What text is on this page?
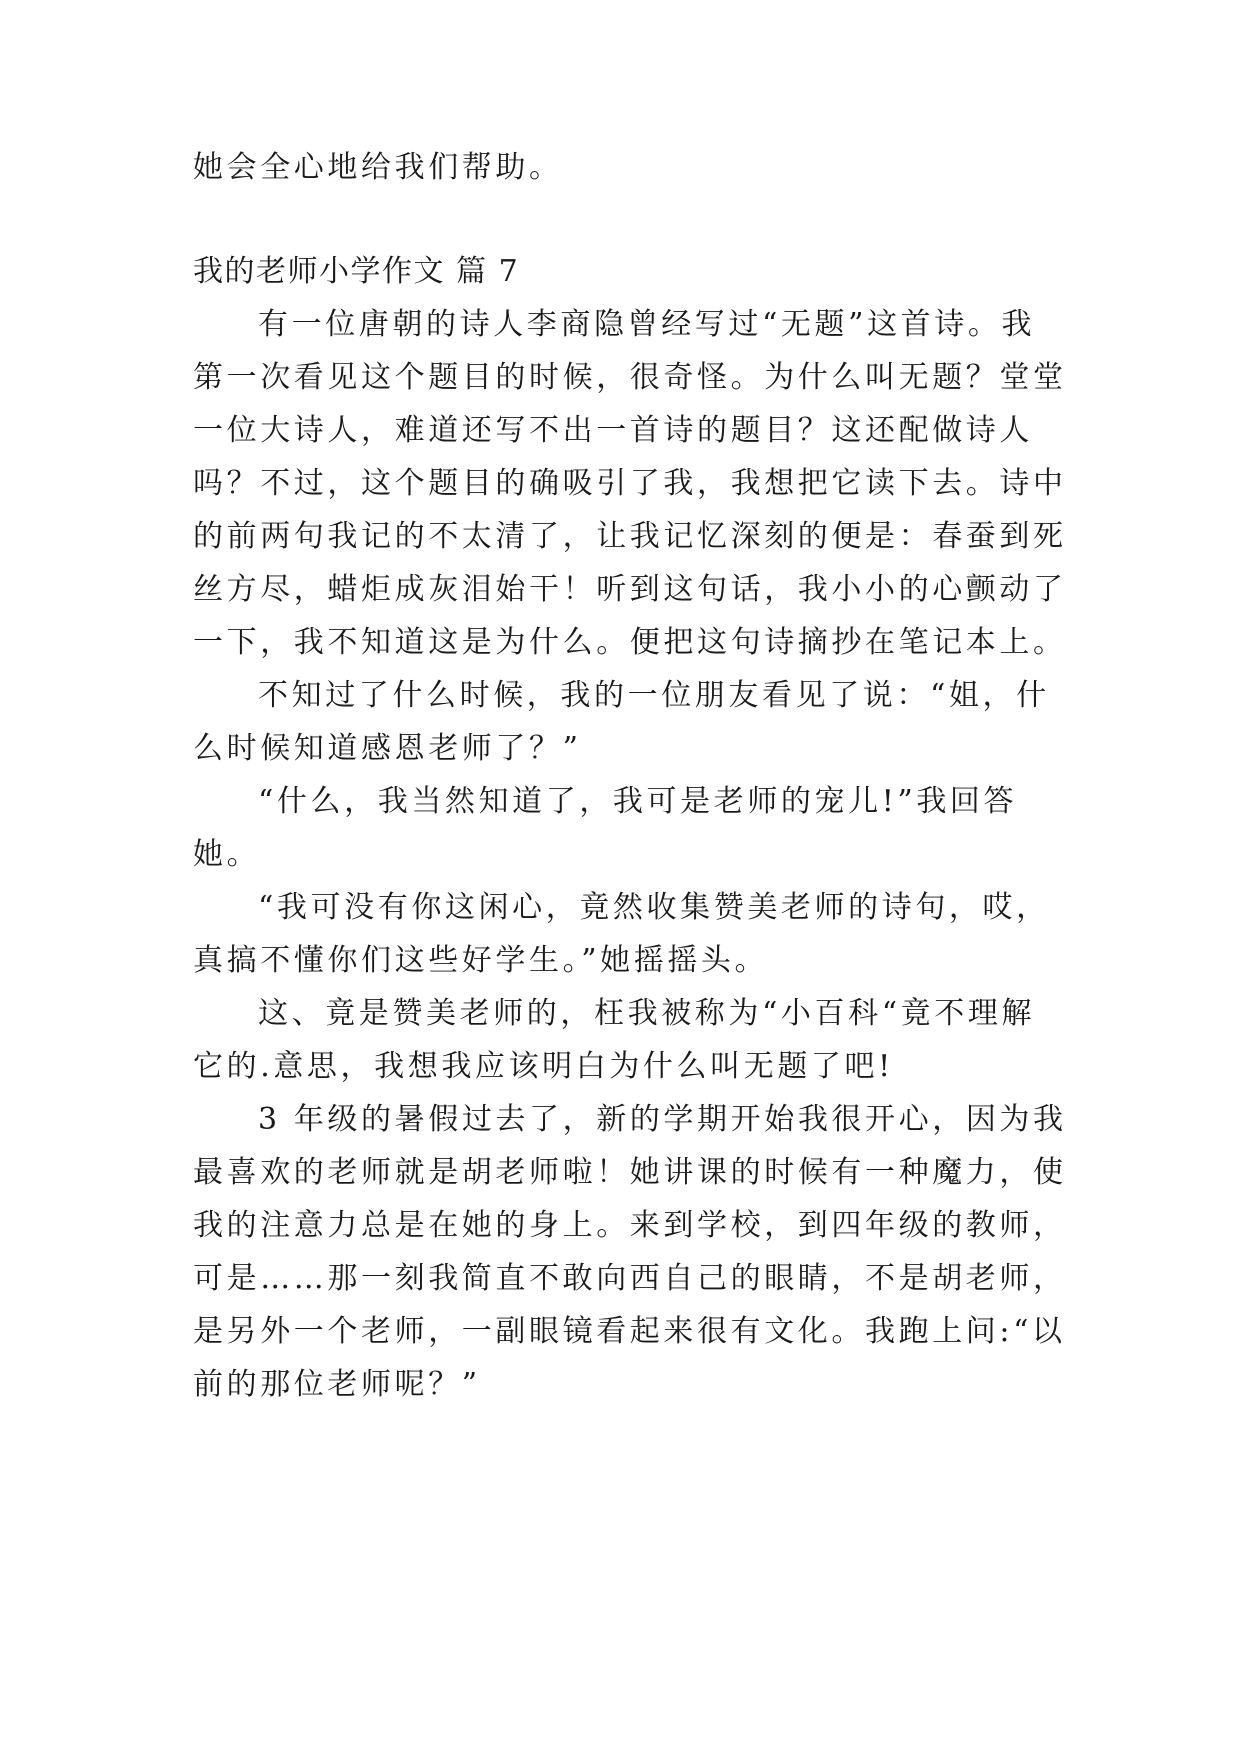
她会全心地给我们帮助。
我的老师小学作文 篇 7
有一位唐朝的诗人李商隐曾经写过“无题”这首诗。我
第一次看见这个题目的时候，很奇怪。为什么叫无题？堂堂
一位大诗人，难道还写不出一首诗的题目？这还配做诗人
吗？不过，这个题目的确吸引了我，我想把它读下去。诗中
的前两句我记的不太清了，让我记忆深刻的便是：春蚕到死
丝方尽，蜡炬成灰泪始干！听到这句话，我小小的心颤动了
一下，我不知道这是为什么。便把这句诗摘抄在笔记本上。
不知过了什么时候，我的一位朋友看见了说：“姐，什
么时候知道感恩老师了？”
“什么，我当然知道了，我可是老师的宠儿!”我回答
她。
“我可没有你这闲心，竟然收集赞美老师的诗句，哎，
真搞不懂你们这些好学生。”她摇摇头。
这、竟是赞美老师的，枉我被称为“小百科“竟不理解
它的.意思，我想我应该明白为什么叫无题了吧!
3 年级的暑假过去了，新的学期开始我很开心，因为我
最喜欢的老师就是胡老师啦！她讲课的时候有一种魔力，使
我的注意力总是在她的身上。来到学校，到四年级的教师，
可是……那一刻我简直不敢向西自己的眼睛，不是胡老师，
是另外一个老师，一副眼镜看起来很有文化。我跑上问:“以
前的那位老师呢？”
